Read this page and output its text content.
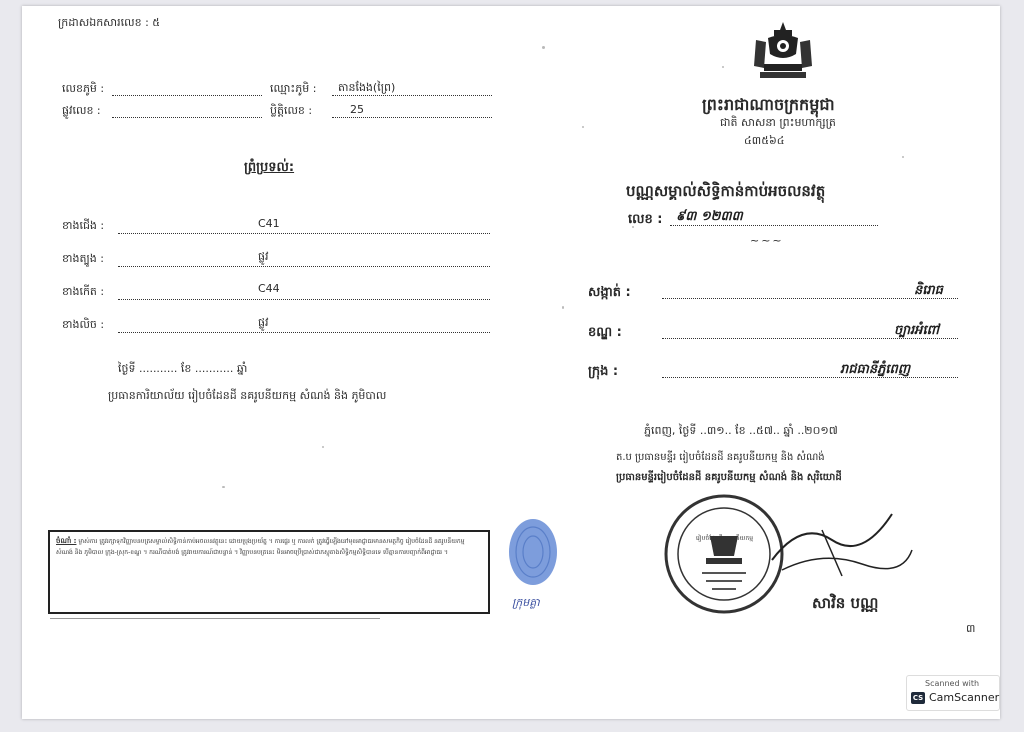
ក្រដាសឯកសារលេខ : ៥
លេខភូមិ :	ឈ្មោះភូមិ : តានងែង(ព្រៃ)
ផ្លូវលេខ :	ប្លិត្តិលេខ :	25
ព្រំប្រទល់:
ខាងជើង :	C41
ខាងត្បូង :	ផ្លូវ
ខាងកើត :	C44
ខាងលិច :	ផ្លូវ
ថ្ងៃទី ........... ខែ ........... ឆ្នាំ
ប្រធានការិយាល័យ រៀបចំដែនដី នគរូបនីយកម្ម សំណង់ និង ភូមិបាល
ចំណាំ : ម្ចាស់ការ ត្រូវរក្សាទុកវិញ្ញាបនបត្រសម្គាល់សិទ្ធិកាន់កាប់អចលនវត្ថុនេះ ដោយប្រុងប្រយ័ត្ន ។ ការផ្ទេរ ឬ ការលក់ ត្រូវធ្វើឡើងនៅមុខអាជ្ញាធរមានសមត្ថកិច្ច រៀបចំដែនដី នគរូបនីយកម្ម សំណង់ និង ភូមិបាល ក្រុង-ស្រុក-ខណ្ឌ ។ ករណីបាត់បង់ ត្រូវរាយការណ៍ជាបន្ទាន់ ។ វិញ្ញាបនបត្រនេះ មិនអាចប្រើប្រាស់ជាភស្តុតាងសិទ្ធិកម្មសិទ្ធិបានទេ បើគ្មានការបញ្ជាក់ពីអាជ្ញាធរ ។
ក្រុមគ្លា
ព្រះរាជាណាចក្រកម្ពុជា
ជាតិ សាសនា ព្រះមហាក្សត្រ
៤៣៥៦៤
បណ្ណសម្គាល់សិទ្ធិកាន់កាប់អចលនវត្ថុ
លេខ : ៩៣ ១២៣៣
~~~
សង្កាត់ :	និរោធ
ខណ្ឌ :	ច្បារអំពៅ
ក្រុង :	រាជធានីភ្នំពេញ
ភ្នំពេញ, ថ្ងៃទី ..៣១.. ខែ ..៥៧.. ឆ្នាំ ..២០១៧
ត.ប ប្រធានមន្ទីរ រៀបចំដែនដី នគរូបនីយកម្ម និង សំណង់
ប្រធានមន្ទីររៀបចំដែនដី នគរូបនីយកម្ម សំណង់ និង សុរិយោដី
រៀបចំដែនដីនគរូបនីយកម្ម
សាវិន បណ្ណ
៣
Scanned with
CS CamScanner
